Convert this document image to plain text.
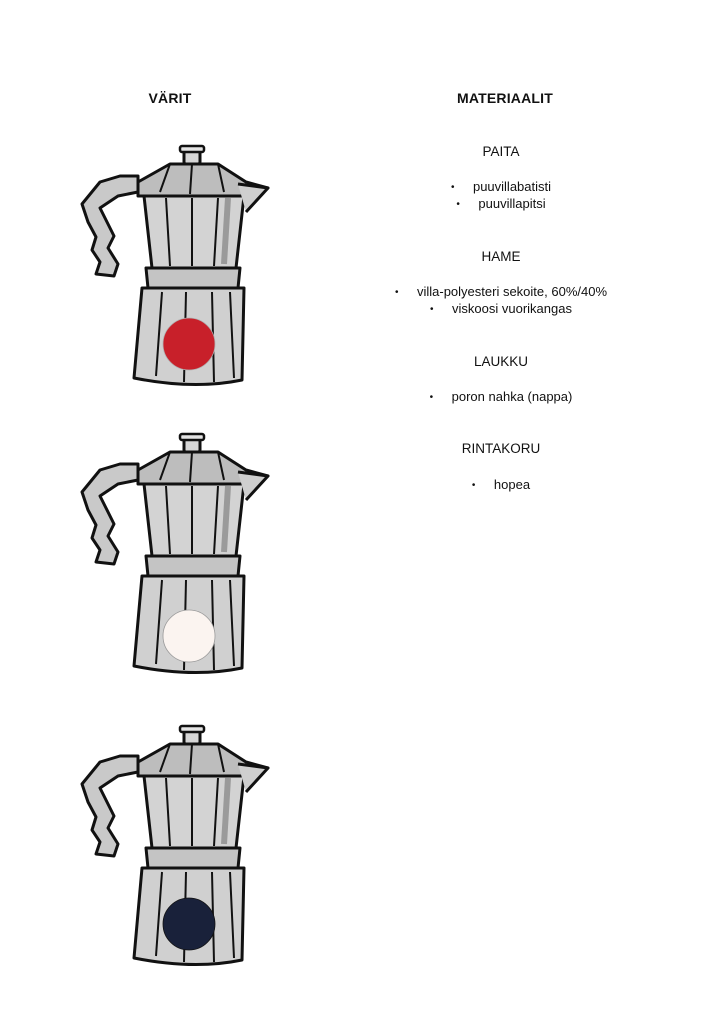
VÄRIT	MATERIAALIT
PAITA
• puuvillabatisti
• puuvillapitsi
HAME
• villa-polyesteri sekoite, 60%/40%
• viskoosi vuorikangas
LAUKKU
• poron nahka (nappa)
RINTAKORU
• hopea
